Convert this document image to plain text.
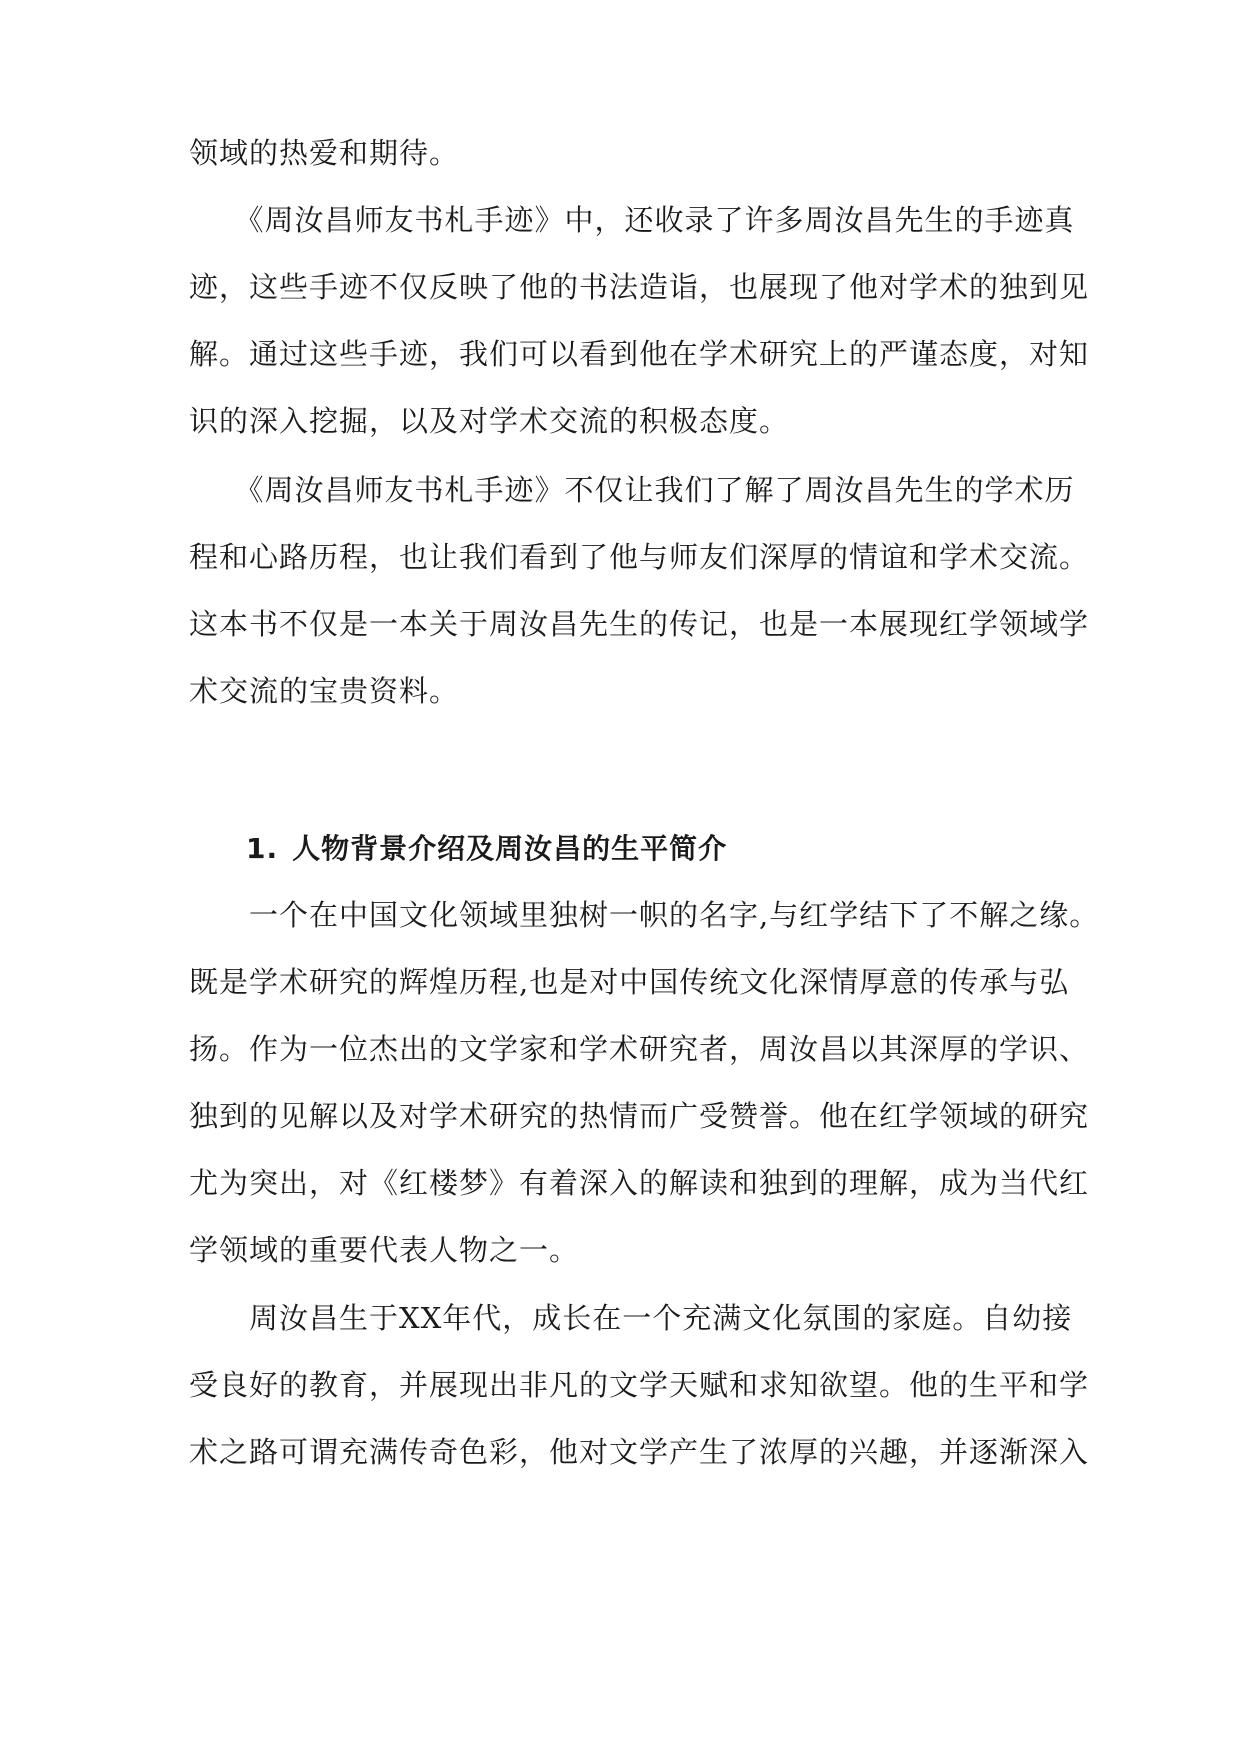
领域的热爱和期待。
　　《周汝昌师友书札手迹》中，还收录了许多周汝昌先生的手迹真
迹，这些手迹不仅反映了他的书法造诣，也展现了他对学术的独到见
解。通过这些手迹，我们可以看到他在学术研究上的严谨态度，对知
识的深入挖掘，以及对学术交流的积极态度。
　　《周汝昌师友书札手迹》不仅让我们了解了周汝昌先生的学术历
程和心路历程，也让我们看到了他与师友们深厚的情谊和学术交流。
这本书不仅是一本关于周汝昌先生的传记，也是一本展现红学领域学
术交流的宝贵资料。
1. 人物背景介绍及周汝昌的生平简介
　　一个在中国文化领域里独树一帜的名字,与红学结下了不解之缘。
既是学术研究的辉煌历程,也是对中国传统文化深情厚意的传承与弘
扬。作为一位杰出的文学家和学术研究者，周汝昌以其深厚的学识、
独到的见解以及对学术研究的热情而广受赞誉。他在红学领域的研究
尤为突出，对《红楼梦》有着深入的解读和独到的理解，成为当代红
学领域的重要代表人物之一。
　　周汝昌生于XX年代，成长在一个充满文化氛围的家庭。自幼接
受良好的教育，并展现出非凡的文学天赋和求知欲望。他的生平和学
术之路可谓充满传奇色彩，他对文学产生了浓厚的兴趣，并逐渐深入
